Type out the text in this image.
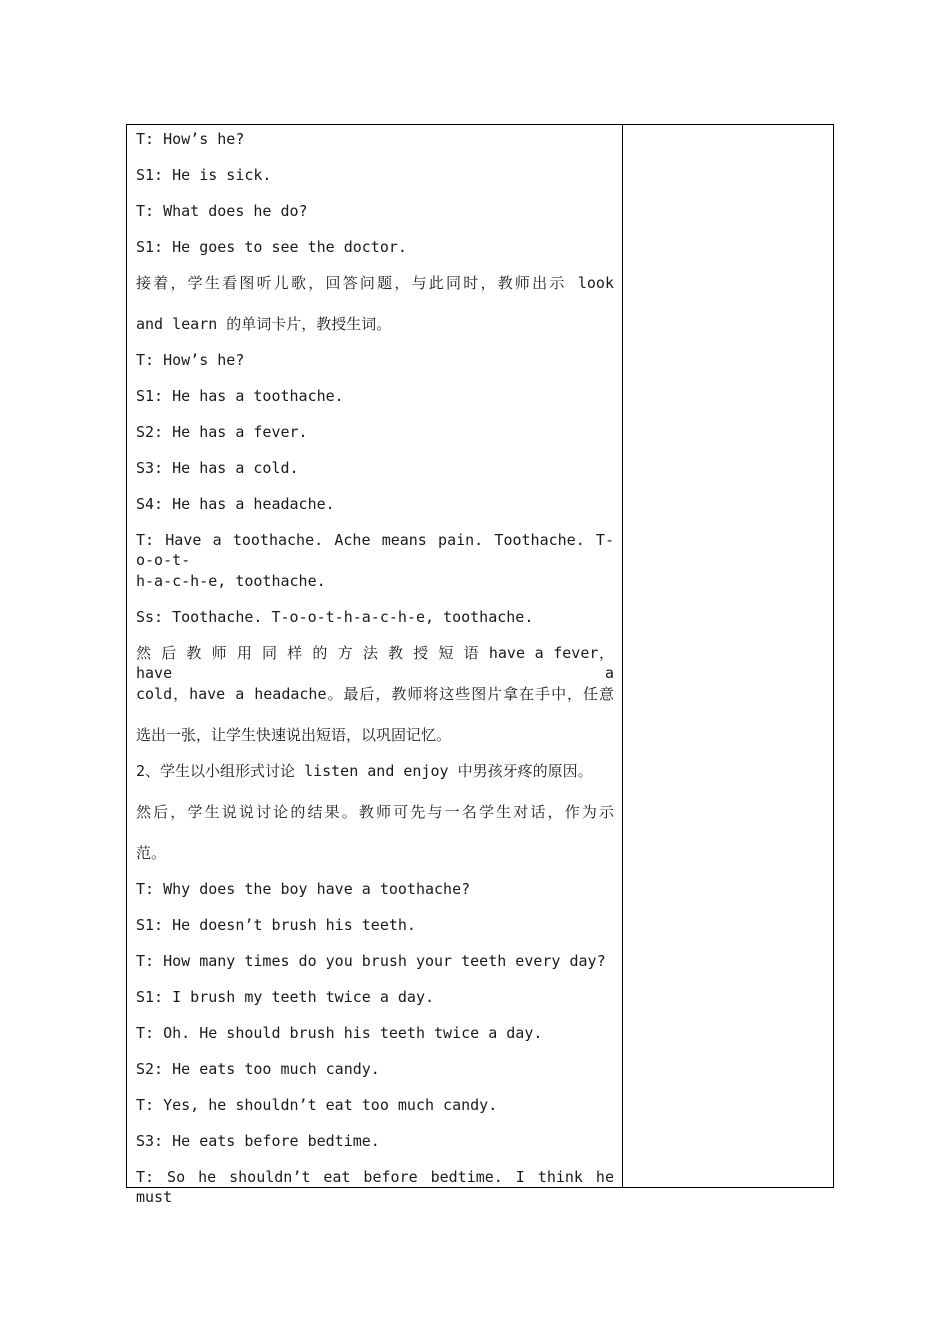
T: How’s he?
S1: He is sick.
T: What does he do?
S1: He goes to see the doctor.
接着，学生看图听儿歌，回答问题，与此同时，教师出示 look
and learn 的单词卡片，教授生词。
T: How’s he?
S1: He has a toothache.
S2: He has a fever.
S3: He has a cold.
S4: He has a headache.
T: Have a toothache. Ache means pain. Toothache. T-o-o-t-
h-a-c-h-e, toothache.
Ss: Toothache. T-o-o-t-h-a-c-h-e, toothache.
然 后 教 师 用 同 样 的 方 法 教 授 短 语 have a fever， have a
cold，have a headache。最后，教师将这些图片拿在手中，任意
选出一张，让学生快速说出短语，以巩固记忆。
2、学生以小组形式讨论 listen and enjoy 中男孩牙疼的原因。
然后，学生说说讨论的结果。教师可先与一名学生对话，作为示
范。
T: Why does the boy have a toothache?
S1: He doesn’t brush his teeth.
T: How many times do you brush your teeth every day?
S1: I brush my teeth twice a day.
T: Oh. He should brush his teeth twice a day.
S2: He eats too much candy.
T: Yes, he shouldn’t eat too much candy.
S3: He eats before bedtime.
T: So he shouldn’t eat before bedtime. I think he must
